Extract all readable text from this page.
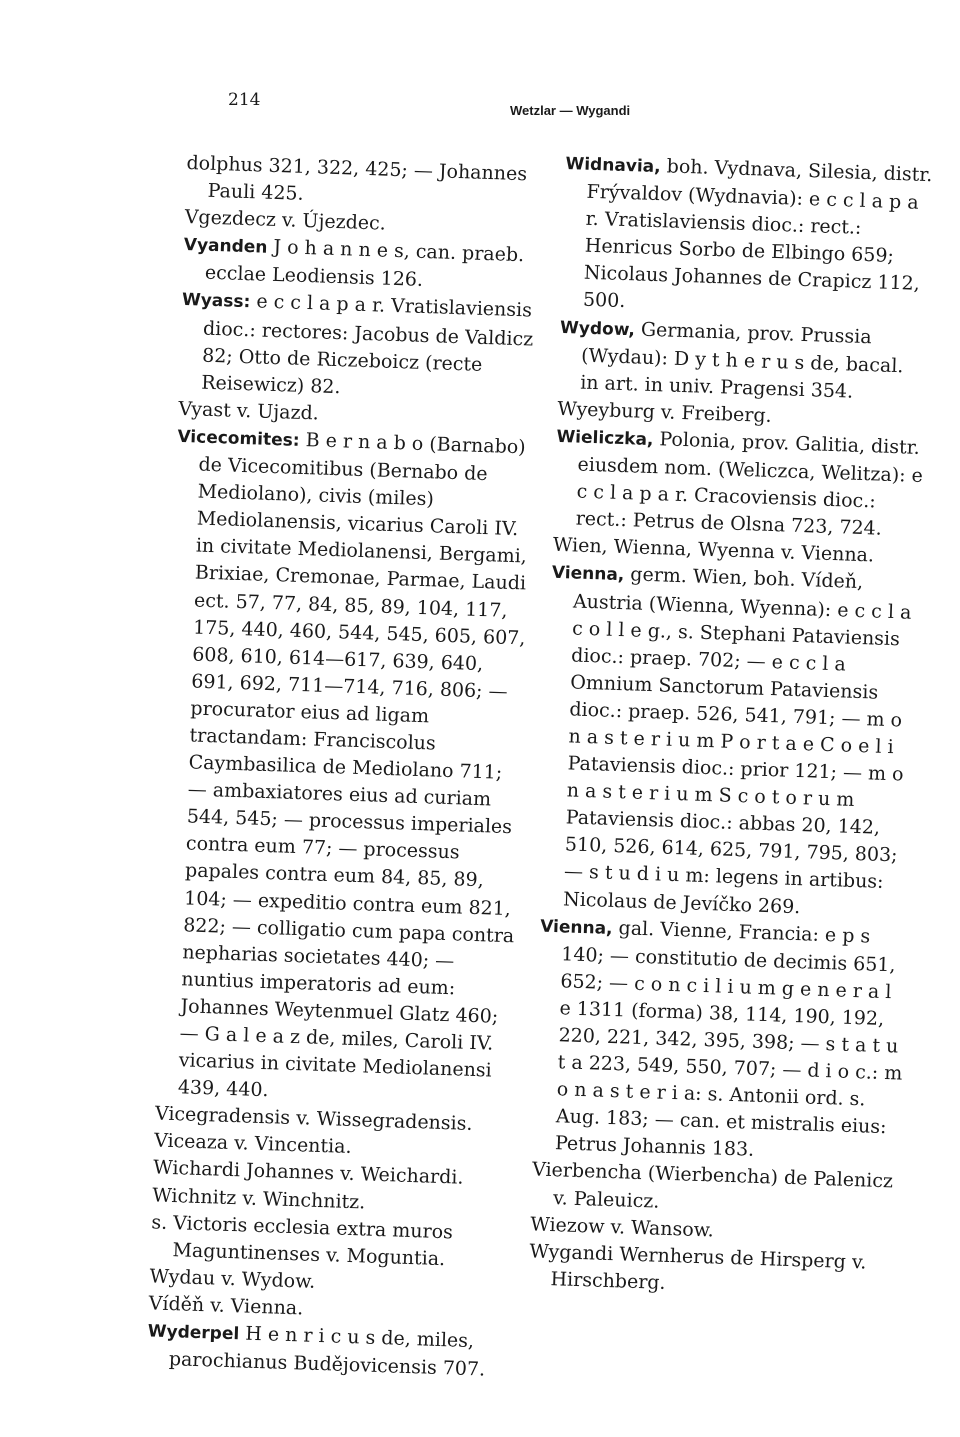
214
Wetzlar — Wygandi

dolphus 321, 322, 425; — Johannes Pauli 425.

Vgezdecz v. Újezdec.

Vyanden J o h a n n e s, can. praeb. ecclae Leodiensis 126.

Wyass: e c c l a p a r. Vratislaviensis dioc.: rectores: Jacobus de Valdicz 82; Otto de Riczeboicz (recte Reisewicz) 82.

Vyast v. Ujazd.

Vicecomites: B e r n a b o (Barnabo) de Vicecomitibus (Bernabo de Mediolano), civis (miles) Mediolanensis, vicarius Caroli IV. in civitate Mediolanensi, Bergami, Brixiae, Cremonae, Parmae, Laudi ect. 57, 77, 84, 85, 89, 104, 117, 175, 440, 460, 544, 545, 605, 607, 608, 610, 614—617, 639, 640, 691, 692, 711—714, 716, 806; — procurator eius ad ligam tractandam: Franciscolus Caymbasilica de Mediolano 711; — ambaxiatores eius ad curiam 544, 545; — processus imperiales contra eum 77; — processus papales contra eum 84, 85, 89, 104; — expeditio contra eum 821, 822; — colligatio cum papa contra nepharias societates 440; — nuntius imperatoris ad eum: Johannes Weytenmuel Glatz 460; — G a l e a z de, miles, Caroli IV. vicarius in civitate Mediolanensi 439, 440.

Vicegradensis v. Wissegradensis.

Viceaza v. Vincentia.

Wichardi Johannes v. Weichardi.

Wichnitz v. Winchnitz.

s. Victoris ecclesia extra muros Maguntinenses v. Moguntia.

Wydau v. Wydow.

Víděň v. Vienna.

Wyderpel H e n r i c u s de, miles, parochianus Budějovicensis 707.

Widnavia, boh. Vydnava, Silesia, distr. Frývaldov (Wydnavia): e c c l a p a r. Vratislaviensis dioc.: rect.: Henricus Sorbo de Elbingo 659; Nicolaus Johannes de Crapicz 112, 500.

Wydow, Germania, prov. Prussia (Wydau): D y t h e r u s de, bacal. in art. in univ. Pragensi 354.

Wyeyburg v. Freiberg.

Wieliczka, Polonia, prov. Galitia, distr. eiusdem nom. (Weliczca, Welitza): e c c l a p a r. Cracoviensis dioc.: rect.: Petrus de Olsna 723, 724.

Wien, Wienna, Wyenna v. Vienna.

Vienna, germ. Wien, boh. Vídeň, Austria (Wienna, Wyenna): e c c l a c o l l e g., s. Stephani Pataviensis dioc.: praep. 702; — e c c l a Omnium Sanctorum Pataviensis dioc.: praep. 526, 541, 791; — m o n a s t e r i u m P o r t a e C o e l i Pataviensis dioc.: prior 121; — m o n a s t e r i u m S c o t o r u m Pataviensis dioc.: abbas 20, 142, 510, 526, 614, 625, 791, 795, 803; — s t u d i u m: legens in artibus: Nicolaus de Jevíčko 269.

Vienna, gal. Vienne, Francia: e p s 140; — constitutio de decimis 651, 652; — c o n c i l i u m g e n e r a l e 1311 (forma) 38, 114, 190, 192, 220, 221, 342, 395, 398; — s t a t u t a 223, 549, 550, 707; — d i o c.: m o n a s t e r i a: s. Antonii ord. s. Aug. 183; — can. et mistralis eius: Petrus Johannis 183.

Vierbencha (Wierbencha) de Palenicz v. Paleuicz.

Wiezow v. Wansow.

Wygandi Wernherus de Hirsperg v. Hirschberg.
